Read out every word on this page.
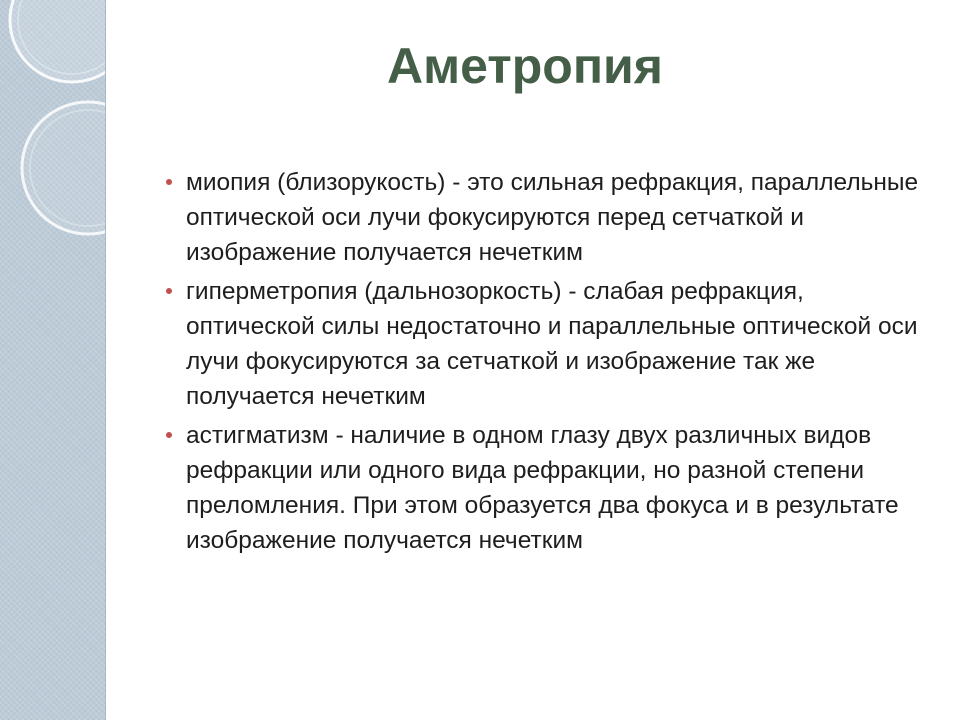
Аметропия
миопия (близорукость) - это сильная рефракция, параллельные оптической оси лучи фокусируются перед сетчаткой и изображение получается нечетким
гиперметропия (дальнозоркость) - слабая рефракция, оптической силы недостаточно и параллельные оптической оси лучи фокусируются за сетчаткой и изображение так же получается нечетким
астигматизм - наличие в одном глазу двух различных видов рефракции или одного вида рефракции, но разной степени преломления. При этом образуется два фокуса и в результате изображение получается нечетким
